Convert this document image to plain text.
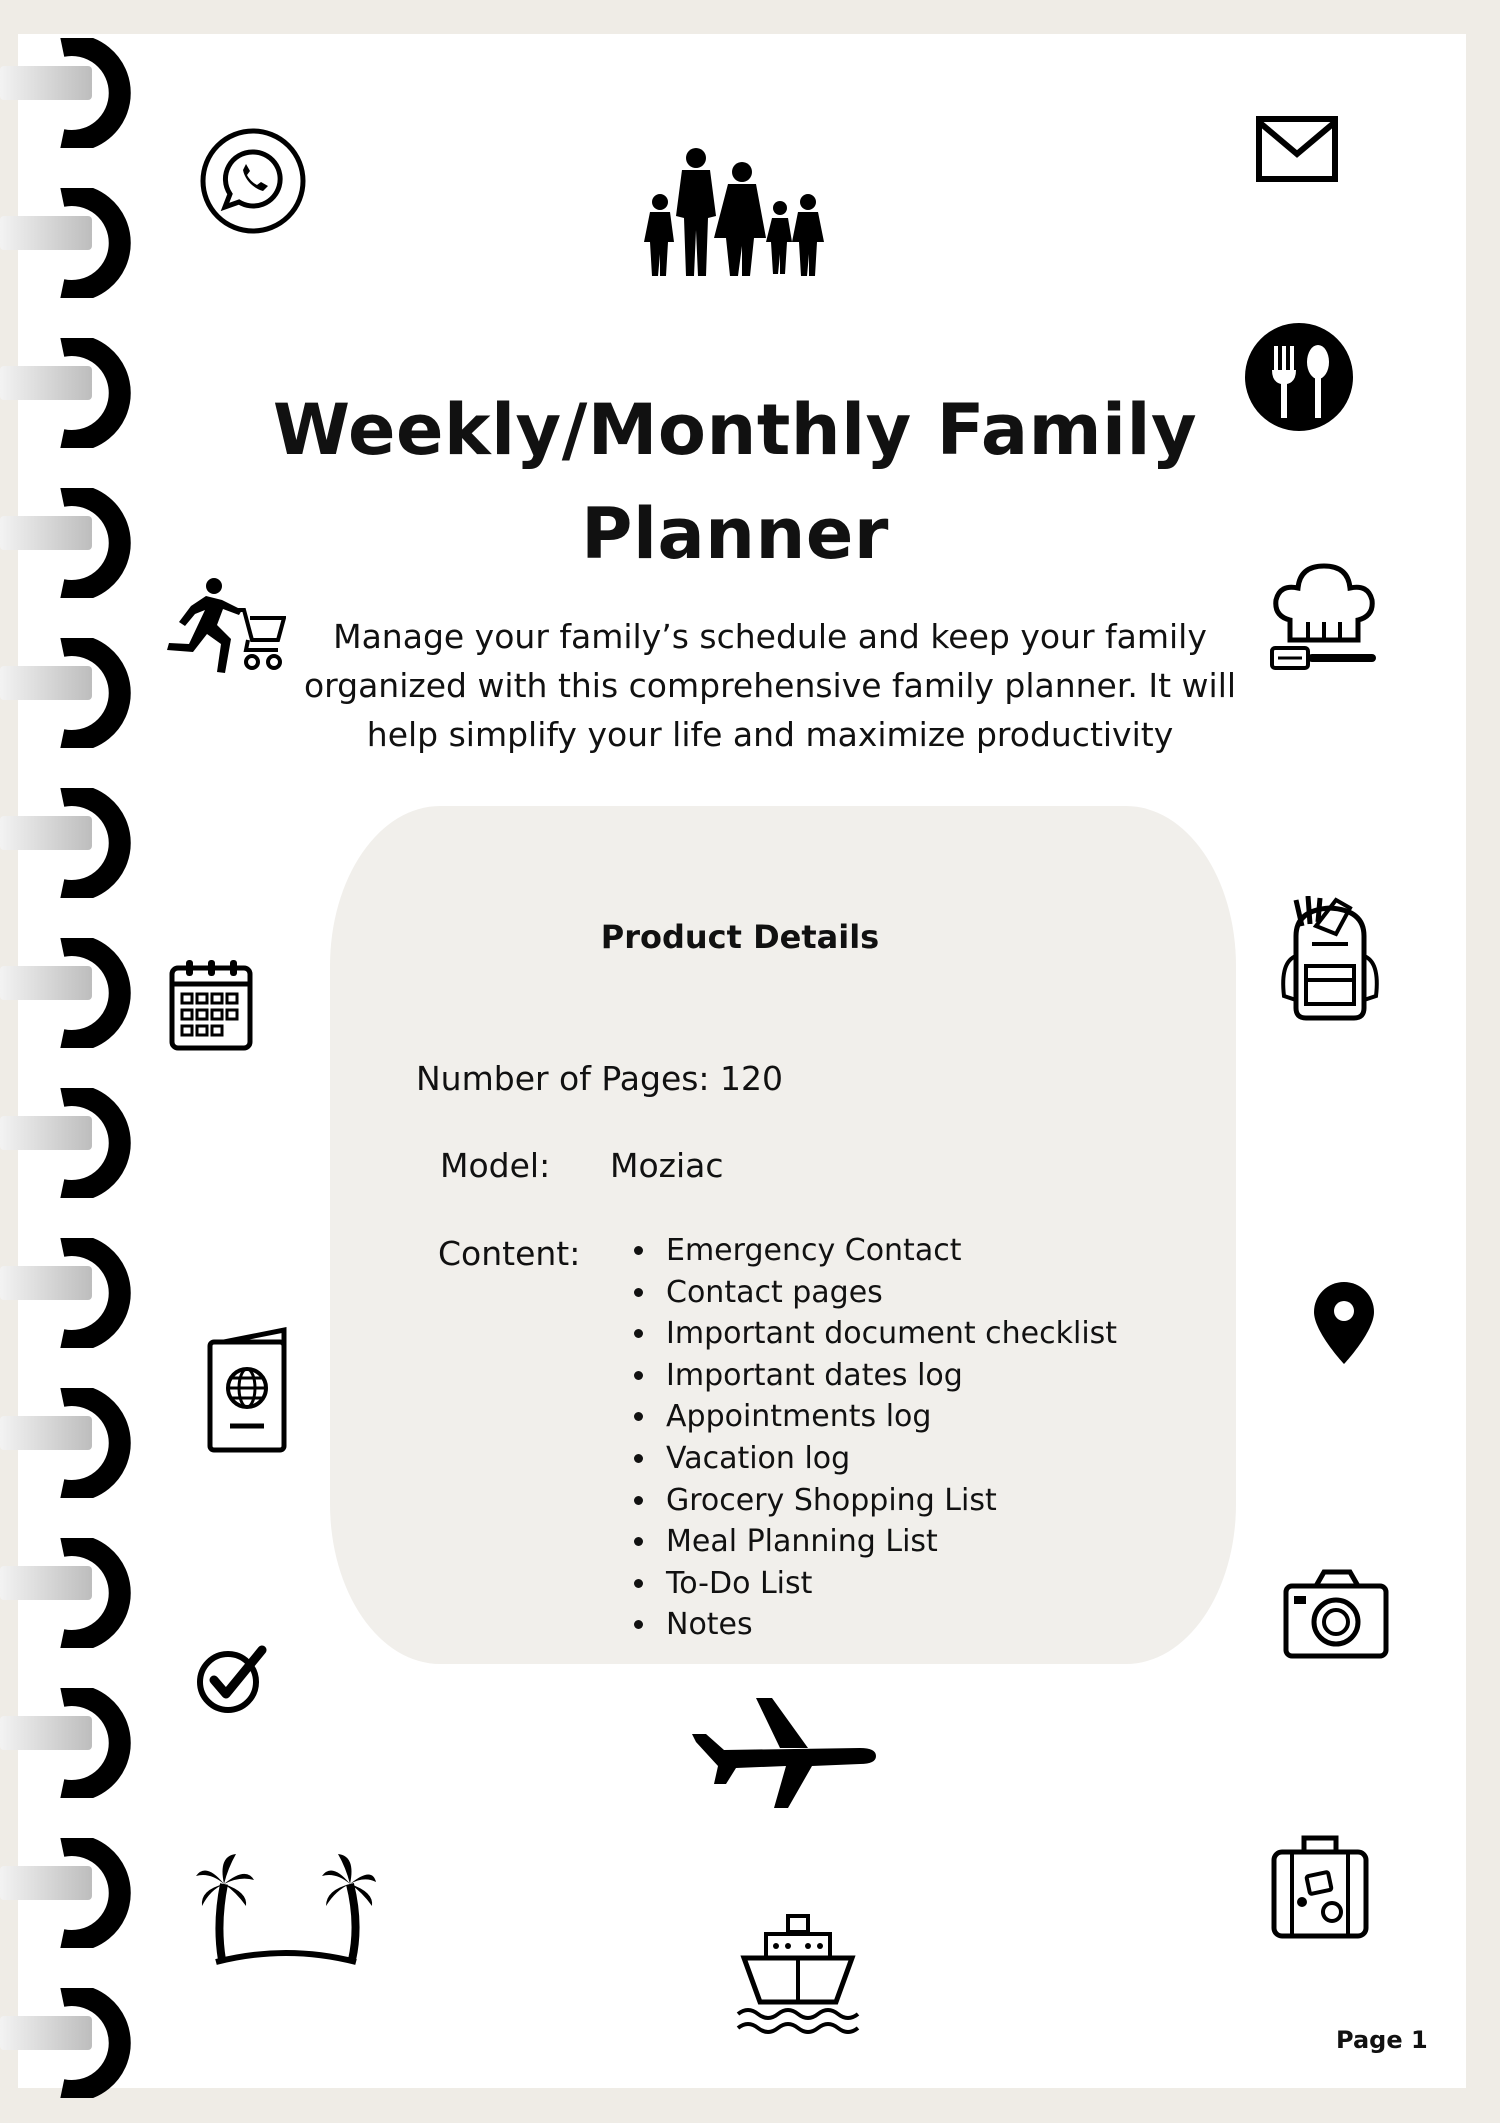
Weekly/Monthly Family Planner

Manage your family’s schedule and keep your family organized with this comprehensive family planner. It will help simplify your life and maximize productivity

Product Details
Number of Pages: 120
Model: Moziac
Content:	Emergency Contact
Contact pages
Important document checklist
Important dates log
Appointments log
Vacation log
Grocery Shopping List
Meal Planning List
To-Do List
Notes
Page 1
